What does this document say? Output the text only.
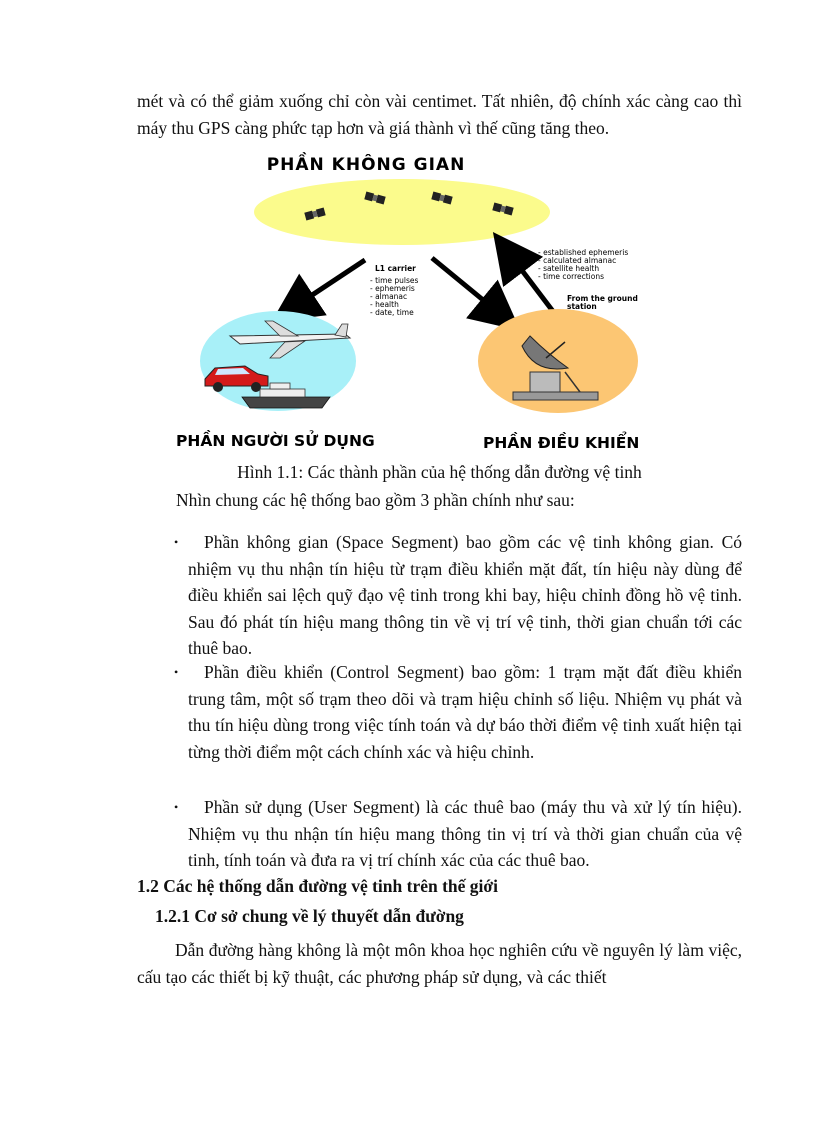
mét và có thể giảm xuống chỉ còn vài centimet. Tất nhiên, độ chính xác càng cao thì máy thu GPS càng phức tạp hơn và giá thành vì thế cũng tăng theo.
PHẦN KHÔNG GIAN
L1 carrier
- time pulses
- ephemeris
- almanac
- health
- date, time
- established ephemeris
- calculated almanac
- satellite health
- time corrections
From the ground
station
PHẦN NGƯỜI SỬ DỤNG	PHẦN ĐIỀU KHIỂN
Hình 1.1: Các thành phần của hệ thống dẫn đường vệ tinh
Nhìn chung các hệ thống bao gồm 3 phần chính như sau:
•	Phần không gian (Space Segment) bao gồm các vệ tinh không gian. Có nhiệm vụ thu nhận tín hiệu từ trạm điều khiển mặt đất, tín hiệu này dùng để điều khiển sai lệch quỹ đạo vệ tinh trong khi bay, hiệu chỉnh đồng hồ vệ tinh. Sau đó phát tín hiệu mang thông tin về vị trí vệ tinh, thời gian chuẩn tới các thuê bao.
•	Phần điều khiển (Control Segment) bao gồm: 1 trạm mặt đất điều khiển trung tâm, một số trạm theo dõi và trạm hiệu chỉnh số liệu. Nhiệm vụ phát và thu tín hiệu dùng trong việc tính toán và dự báo thời điểm vệ tinh xuất hiện tại từng thời điểm một cách chính xác và hiệu chỉnh.
•	Phần sử dụng (User Segment) là các thuê bao (máy thu và xử lý tín hiệu). Nhiệm vụ thu nhận tín hiệu mang thông tin vị trí và thời gian chuẩn của vệ tinh, tính toán và đưa ra vị trí chính xác của các thuê bao.
1.2 Các hệ thống dẫn đường vệ tinh trên thế giới
1.2.1 Cơ sở chung về lý thuyết dẫn đường
Dẫn đường hàng không là một môn khoa học nghiên cứu về nguyên lý làm việc, cấu tạo các thiết bị kỹ thuật, các phương pháp sử dụng, và các thiết
